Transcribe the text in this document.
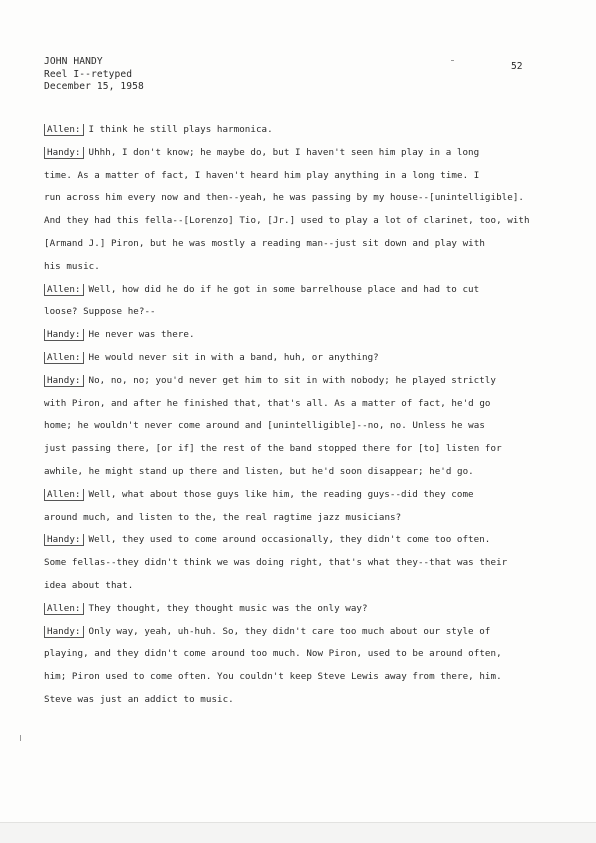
JOHN HANDY
Reel I--retyped
December 15, 1958
52
Allen: I think he still plays harmonica.
Handy: Uhhh, I don't know; he maybe do, but I haven't seen him play in a long
time. As a matter of fact, I haven't heard him play anything in a long time. I
run across him every now and then--yeah, he was passing by my house--[unintelligible].
And they had this fella--[Lorenzo] Tio, [Jr.] used to play a lot of clarinet, too, with
[Armand J.] Piron, but he was mostly a reading man--just sit down and play with
his music.
Allen: Well, how did he do if he got in some barrelhouse place and had to cut
loose? Suppose he?--
Handy: He never was there.
Allen: He would never sit in with a band, huh, or anything?
Handy: No, no, no; you'd never get him to sit in with nobody; he played strictly
with Piron, and after he finished that, that's all. As a matter of fact, he'd go
home; he wouldn't never come around and [unintelligible]--no, no. Unless he was
just passing there, [or if] the rest of the band stopped there for [to] listen for
awhile, he might stand up there and listen, but he'd soon disappear; he'd go.
Allen: Well, what about those guys like him, the reading guys--did they come
around much, and listen to the, the real ragtime jazz musicians?
Handy: Well, they used to come around occasionally, they didn't come too often.
Some fellas--they didn't think we was doing right, that's what they--that was their
idea about that.
Allen: They thought, they thought music was the only way?
Handy: Only way, yeah, uh-huh. So, they didn't care too much about our style of
playing, and they didn't come around too much. Now Piron, used to be around often,
him; Piron used to come often. You couldn't keep Steve Lewis away from there, him.
Steve was just an addict to music.
